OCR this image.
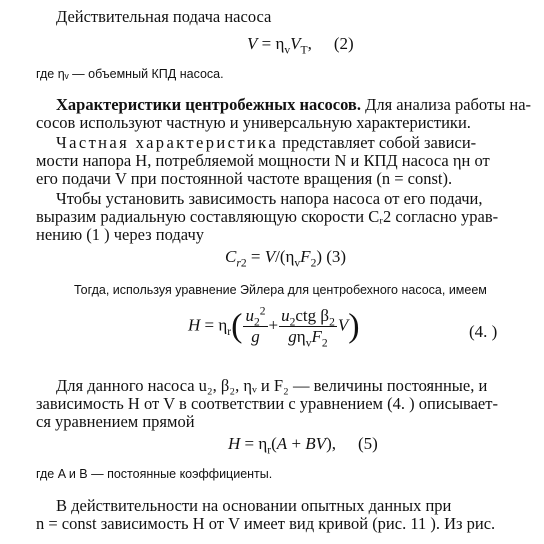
Действительная подача насоса
$V = \eta_vV_T$, (2)
где ηᵥ — объемный КПД насоса.
Характеристики центробежных насосов. Для анализа работы на-
сосов используют частную и универсальную характеристики.
Частная характеристика представляет собой зависи-
мости напора H, потребляемой мощности N и КПД насоса ηн от
его подачи V при постоянной частоте вращения (n = const).
Чтобы установить зависимость напора насоса от его подачи,
выразим радиальную составляющую скорости Cᵣ2 согласно урав-
нению (1 ) через подачу
$C_{r2} = V/(\eta_vF_2)$ (3)
Тогда, используя уравнение Эйлера для центробехного насоса, имеем
$H = \eta_r( \frac{u_2^2}{g} + \frac{u_2ctg \beta_2}{g\eta_vF_2} V)$	(4. )
Для данного насоса u₂, β₂, ηᵥ и F₂ — величины постоянные, и
зависимость H от V в соответствии с уравнением (4. ) описывает-
ся уравнением прямой
$H = \eta_r(A + BV)$, (5)
где A и B — постоянные коэффициенты.
В действительности на основании опытных данных при
n = const зависимость H от V имеет вид кривой (рис. 11 ). Из рис.
